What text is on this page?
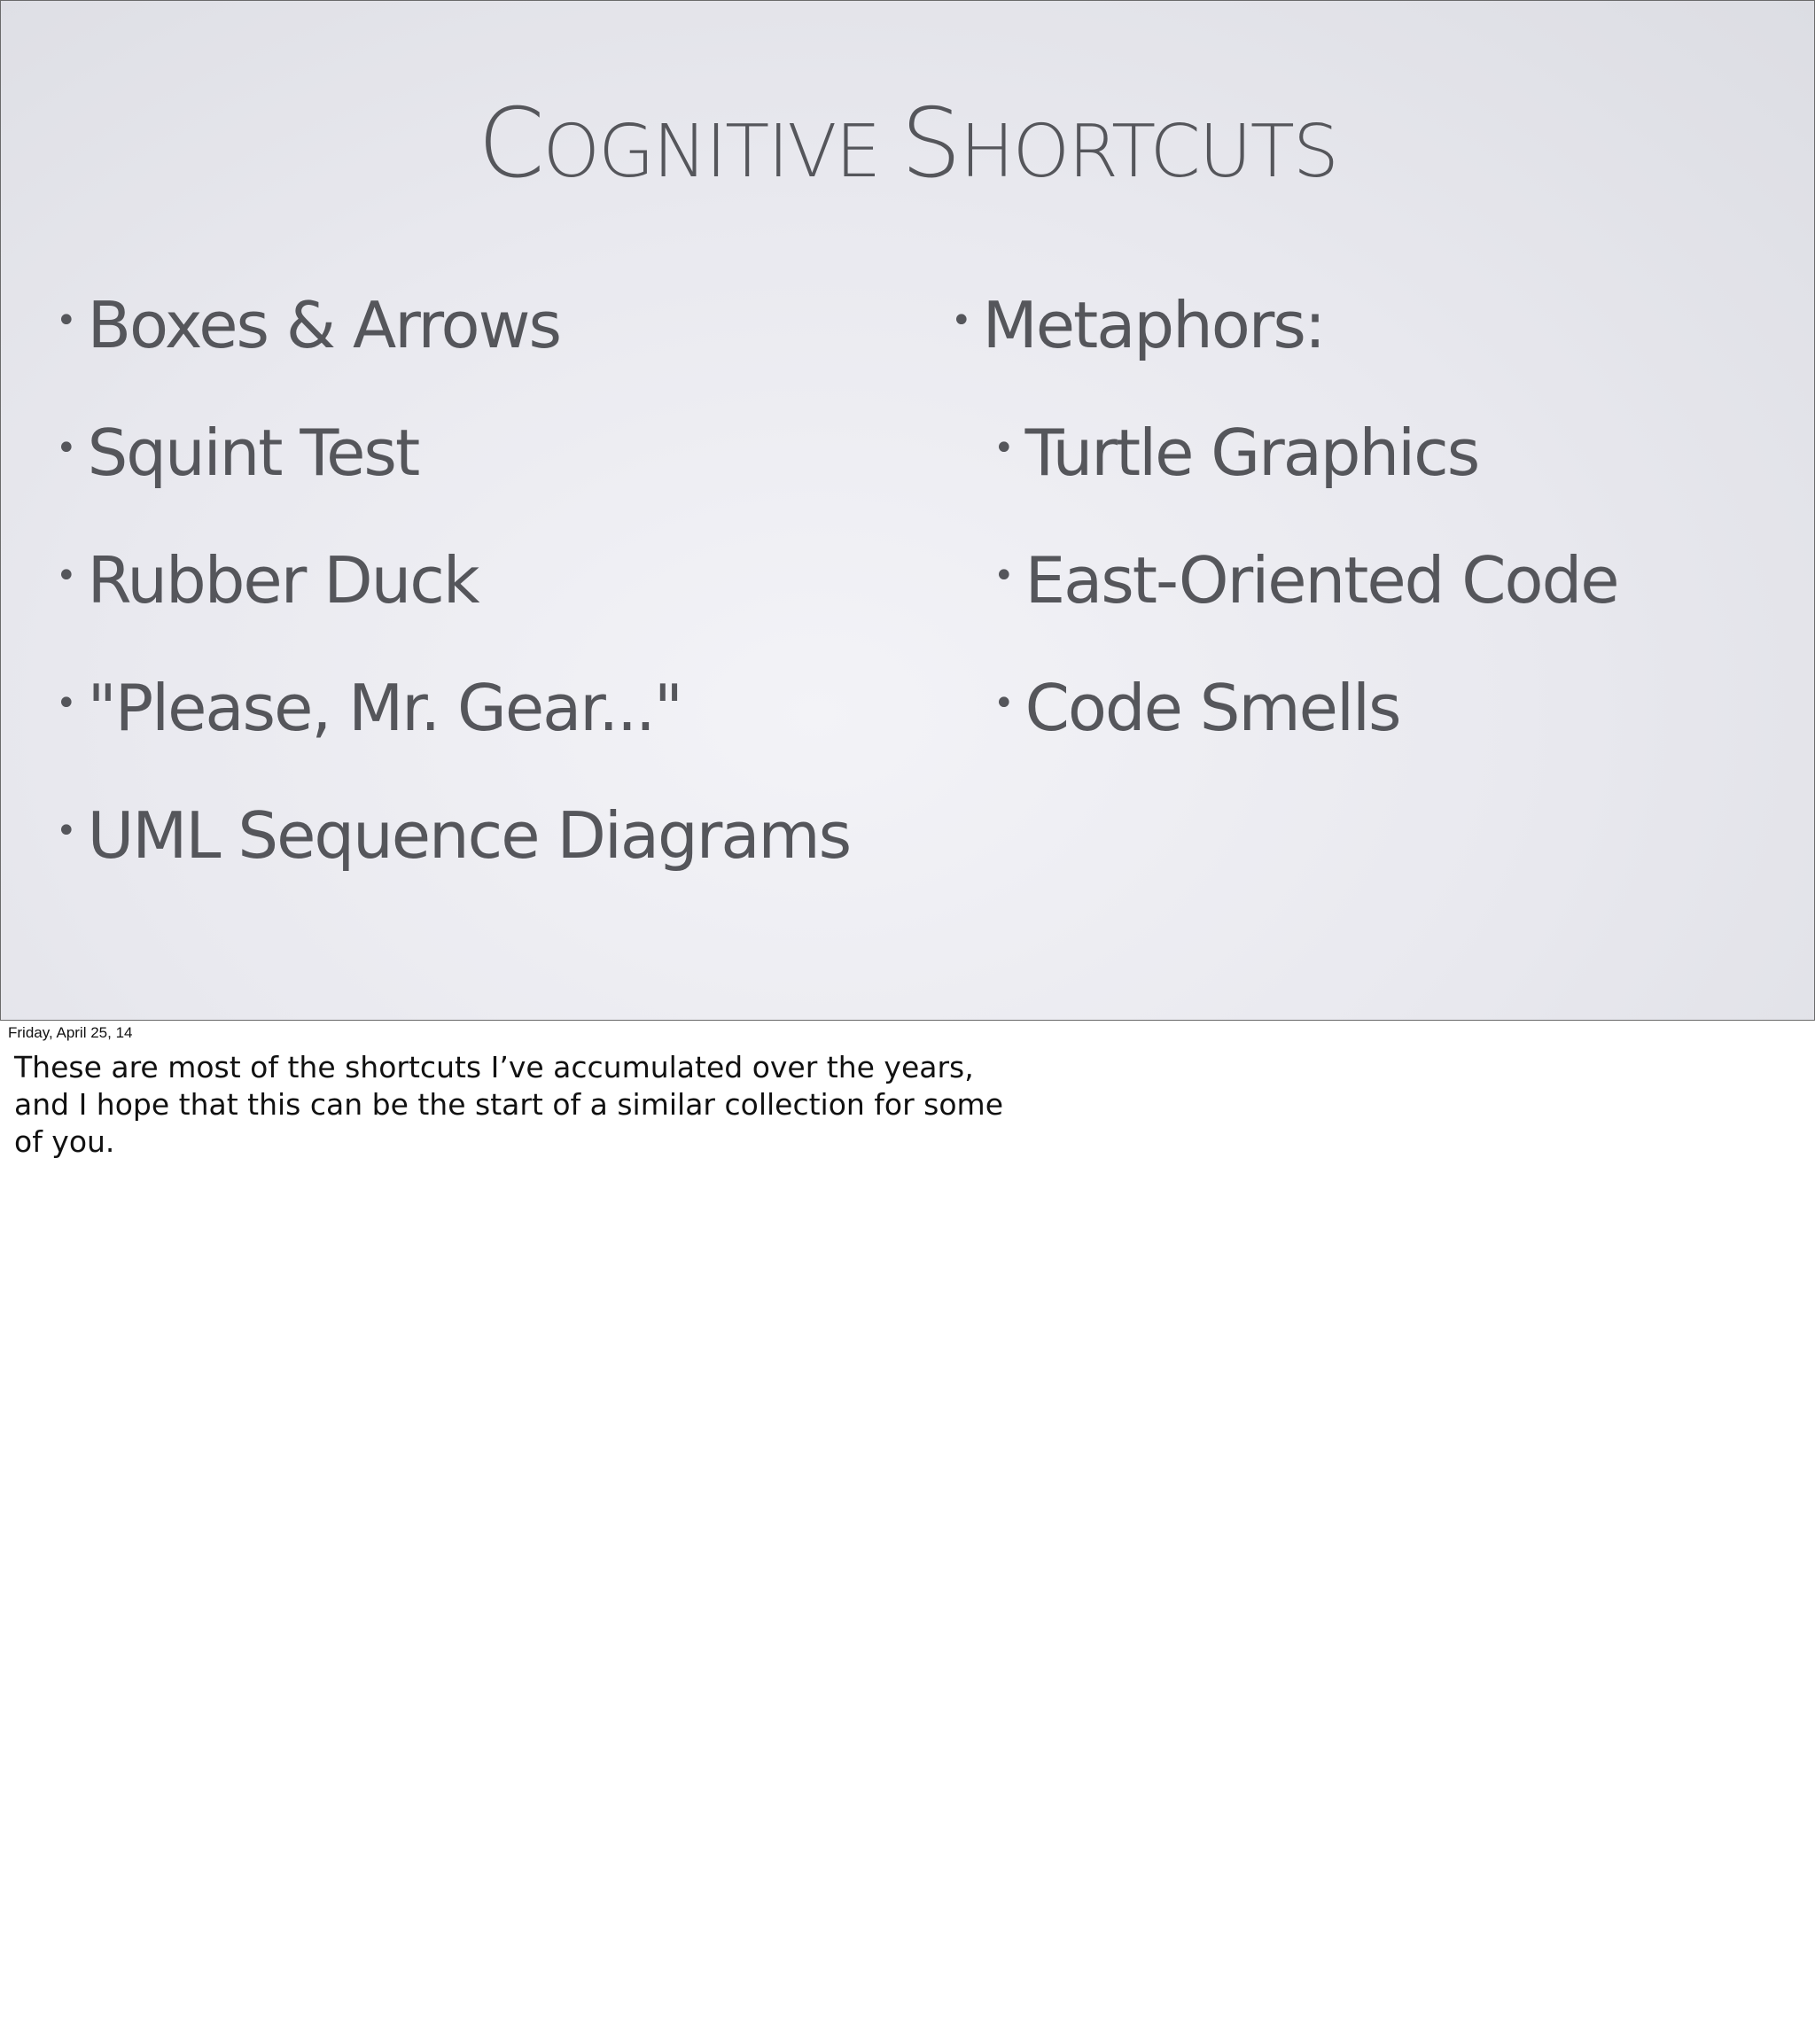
COGNITIVE SHORTCUTS
• Boxes & Arrows
• Squint Test
• Rubber Duck
• "Please, Mr. Gear..."
• UML Sequence Diagrams
• Metaphors:
• Turtle Graphics
• East-Oriented Code
• Code Smells
Friday, April 25, 14

These are most of the shortcuts I’ve accumulated over the years, and I hope that this can be the start of a similar collection for some of you.
